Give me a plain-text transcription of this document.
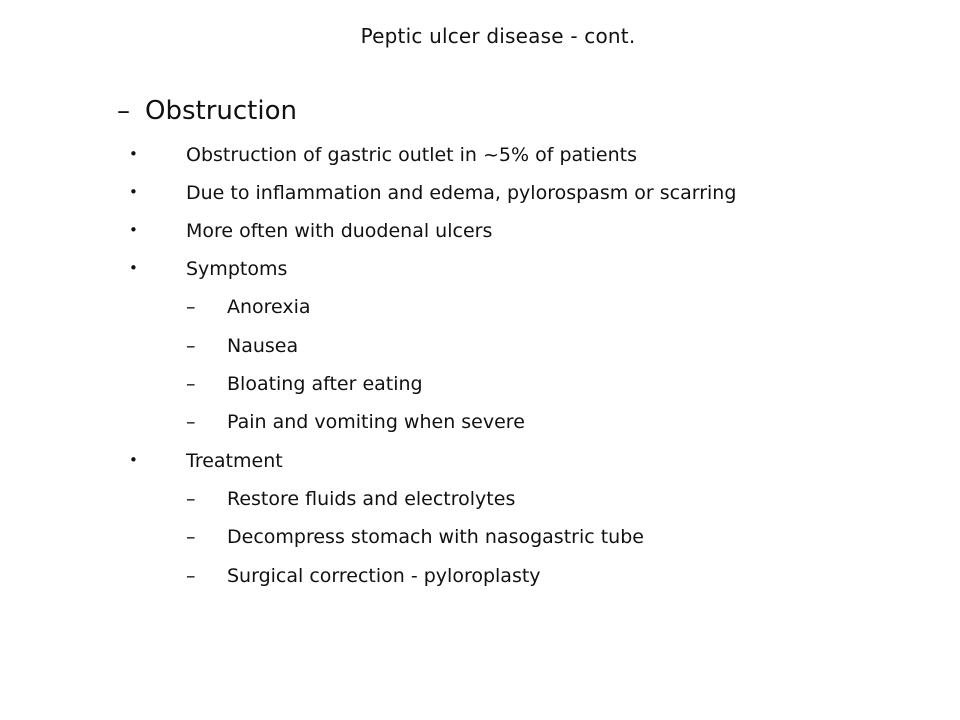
Peptic ulcer disease - cont.
– Obstruction
•	Obstruction of gastric outlet in ~5% of patients
•	Due to inflammation and edema, pylorospasm or scarring
•	More often with duodenal ulcers
•	Symptoms
– Anorexia
– Nausea
– Bloating after eating
– Pain and vomiting when severe
•	Treatment
– Restore fluids and electrolytes
– Decompress stomach with nasogastric tube
– Surgical correction - pyloroplasty
